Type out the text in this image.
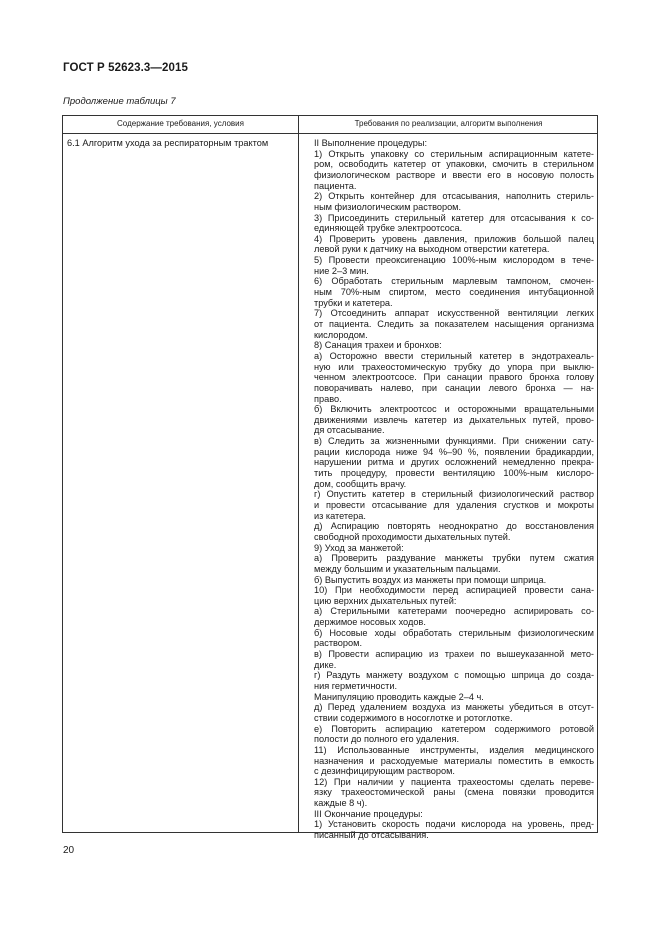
ГОСТ Р 52623.3—2015
Продолжение таблицы 7
Содержание требования, условия	Требования по реализации, алгоритм выполнения
6.1 Алгоритм ухода за респираторным трактом	II Выполнение процедуры:
1) Открыть упаковку со стерильным аспирационным катете-
ром, освободить катетер от упаковки, смочить в стерильном
физиологическом растворе и ввести его в носовую полость
пациента.
2) Открыть контейнер для отсасывания, наполнить стериль-
ным физиологическим раствором.
3) Присоединить стерильный катетер для отсасывания к со-
единяющей трубке электроотсоса.
4) Проверить уровень давления, приложив большой палец
левой руки к датчику на выходном отверстии катетера.
5) Провести преоксигенацию 100%-ным кислородом в тече-
ние 2–3 мин.
6) Обработать стерильным марлевым тампоном, смочен-
ным 70%-ным спиртом, место соединения интубационной
трубки и катетера.
7) Отсоединить аппарат искусственной вентиляции легких
от пациента. Следить за показателем насыщения организма
кислородом.
8) Санация трахеи и бронхов:
а) Осторожно ввести стерильный катетер в эндотрахеаль-
ную или трахеостомическую трубку до упора при выклю-
ченном электроотсосе. При санации правого бронха голову
поворачивать налево, при санации левого бронха — на-
право.
б) Включить электроотсос и осторожными вращательными
движениями извлечь катетер из дыхательных путей, прово-
дя отсасывание.
в) Следить за жизненными функциями. При снижении сату-
рации кислорода ниже 94 %–90 %, появлении брадикардии,
нарушении ритма и других осложнений немедленно прекра-
тить процедуру, провести вентиляцию 100%-ным кислоро-
дом, сообщить врачу.
г) Опустить катетер в стерильный физиологический раствор
и провести отсасывание для удаления сгустков и мокроты
из катетера.
д) Аспирацию повторять неоднократно до восстановления
свободной проходимости дыхательных путей.
9) Уход за манжетой:
а) Проверить раздувание манжеты трубки путем сжатия
между большим и указательным пальцами.
б) Выпустить воздух из манжеты при помощи шприца.
10) При необходимости перед аспирацией провести сана-
цию верхних дыхательных путей:
а) Стерильными катетерами поочередно аспирировать со-
держимое носовых ходов.
б) Носовые ходы обработать стерильным физиологическим
раствором.
в) Провести аспирацию из трахеи по вышеуказанной мето-
дике.
г) Раздуть манжету воздухом с помощью шприца до созда-
ния герметичности.
Манипуляцию проводить каждые 2–4 ч.
д) Перед удалением воздуха из манжеты убедиться в отсут-
ствии содержимого в носоглотке и ротоглотке.
е) Повторить аспирацию катетером содержимого ротовой
полости до полного его удаления.
11) Использованные инструменты, изделия медицинского
назначения и расходуемые материалы поместить в емкость
с дезинфицирующим раствором.
12) При наличии у пациента трахеостомы сделать переве-
язку трахеостомической раны (смена повязки проводится
каждые 8 ч).
III Окончание процедуры:
1) Установить скорость подачи кислорода на уровень, пред-
писанный до отсасывания.
20
